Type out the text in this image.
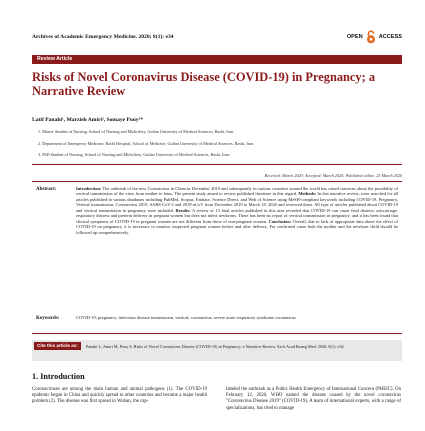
Archives of Academic Emergency Medicine. 2020; 8(1): e34	OPEN	ACCESS
Review Article
Risks of Novel Coronavirus Disease (COVID-19) in Pregnancy; a Narrative Review
Latif Panahi¹, Marzieh Amiri², Somaye Pouy³*
1. Master Student of Nursing, School of Nursing and Midwifery, Guilan University of Medical Sciences, Rasht, Iran.
2. Department of Emergency Medicine, Rasht Hospital, School of Medicine, Guilan University of Medical Sciences, Rasht, Iran.
3. PhD Student of Nursing, School of Nursing and Midwifery, Guilan University of Medical Sciences, Rasht, Iran.
Received: March 2020; Accepted: March 2020; Published online: 23 March 2020
Abstract:	Introduction: The outbreak of the new Coronavirus in China in December 2019 and subsequently in various countries around the world has raised concerns about the possibility of vertical transmission of the virus from mother to fetus. The present study aimed to review published literature in this regard. Methods: In this narrative review, were searched for all articles published in various databases including PubMed, Scopus, Embase, Science Direct, and Web of Science using MeSH-compliant keywords including COVID-19, Pregnancy, Vertical transmission, Coronavirus 2019, SARS-CoV-2 and 2019-nCoV from December 2019 to March 18, 2020 and reviewed them. All type of articles published about COVID-19 and vertical transmission in pregnancy were included. Results: A review of 13 final articles published in this area revealed that COVID-19 can cause fetal distress, miscarriage, respiratory distress and preterm delivery in pregnant women but does not infect newborns. There has been no report of vertical transmission in pregnancy, and it has been found that clinical symptoms of COVID-19 in pregnant women are not different from those of non-pregnant women. Conclusion: Overall, due to lack of appropriate data about the effect of COVID-19 on pregnancy, it is necessary to monitor suspected pregnant women before and after delivery. For confirmed cases both the mother and the newborn child should be followed up comprehensively.
Keywords:	COVID-19; pregnancy; infectious disease transmission, vertical; coronavirus; severe acute respiratory syndrome coronavirus
Panahi L, Amiri M, Pouy S. Risks of Novel Coronavirus Disease (COVID-19) in Pregnancy; a Narrative Review. Arch Acad Emerg Med. 2020; 8(1): e34.
Cite this article as:
1. Introduction
Coronaviruses are among the main human and animal pathogens (1). The COVID-19 epidemic began in China and quickly spread to other countries and became a major health problem (2). The disease was first spread in Wuhan, the cap-
labeled the outbreak as a Public Health Emergency of International Concern (PHEIC). On February 12, 2020, WHO named the disease caused by the novel coronavirus "Coronavirus Disease 2019" (COVID-19). A team of international experts, with a range of specializations, has tried to manage
